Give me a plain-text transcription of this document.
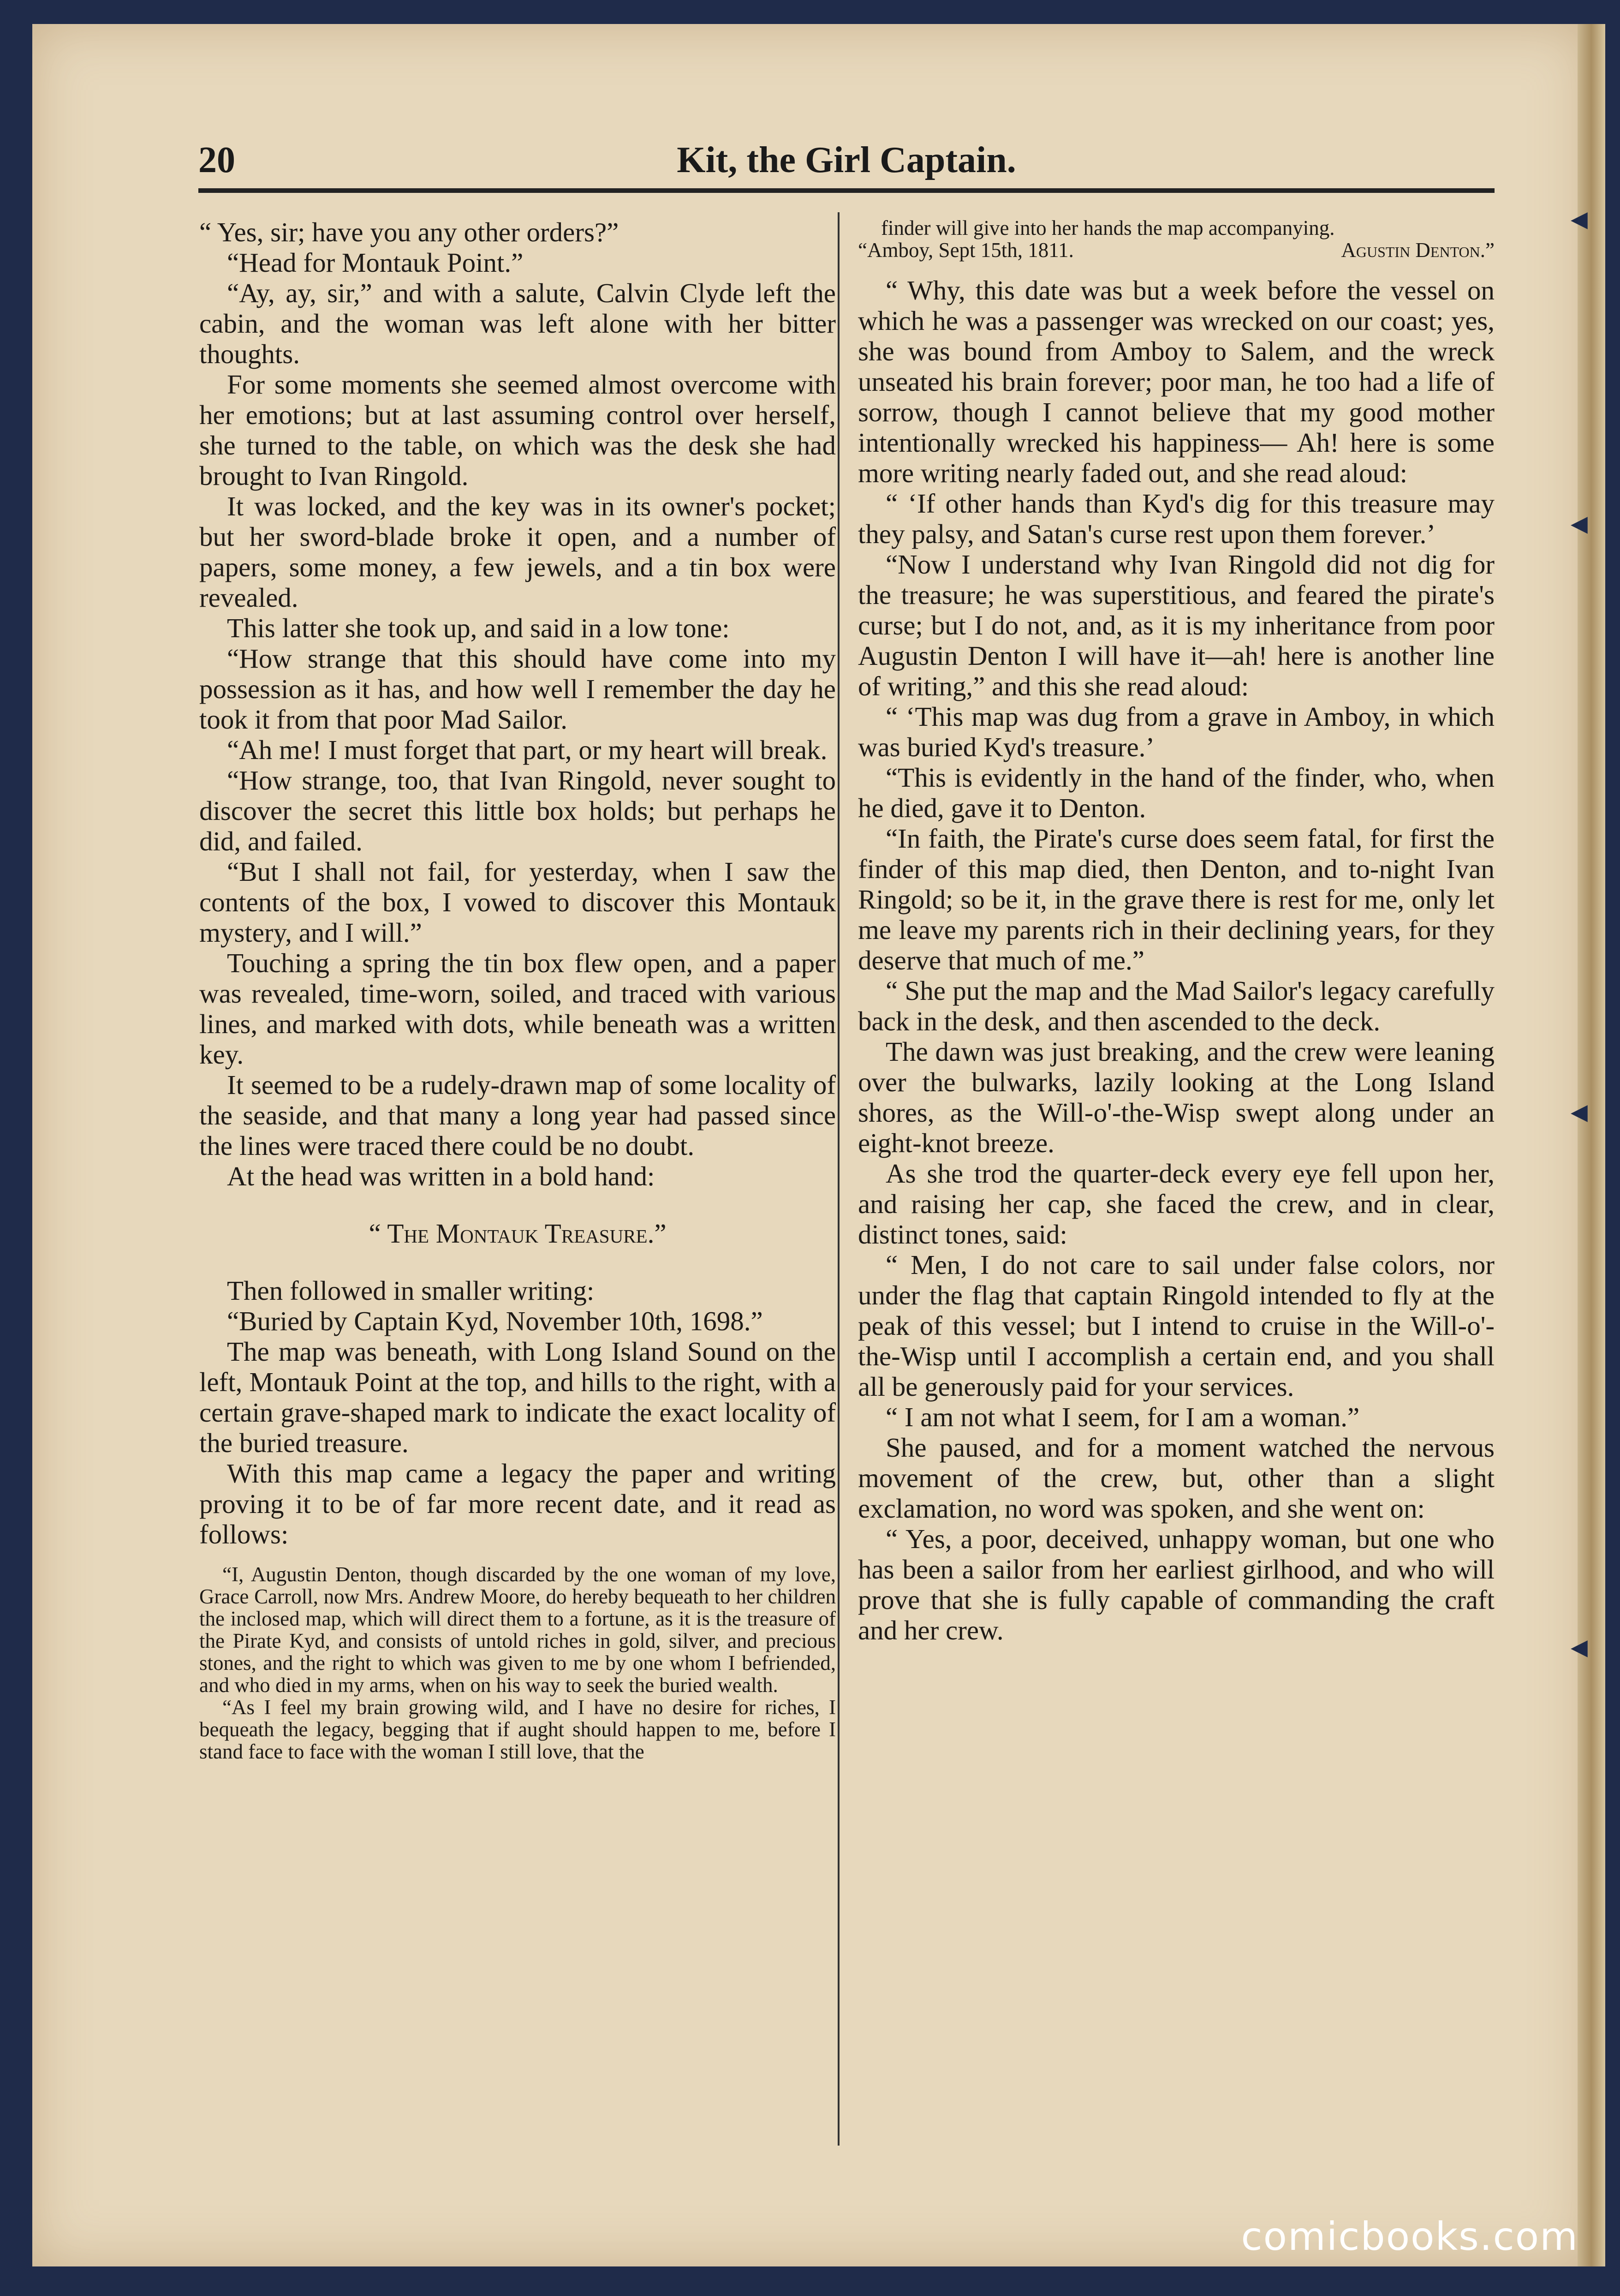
◀
◀
◀
◀
20	Kit, the Girl Captain.

“ Yes, sir; have you any other orders?”

“Head for Montauk Point.”

“Ay, ay, sir,” and with a salute, Calvin Clyde left the cabin, and the woman was left alone with her bitter thoughts.

For some moments she seemed almost overcome with her emotions; but at last assuming control over herself, she turned to the table, on which was the desk she had brought to Ivan Ringold.

It was locked, and the key was in its owner's pocket; but her sword-blade broke it open, and a number of papers, some money, a few jewels, and a tin box were revealed.

This latter she took up, and said in a low tone:

“How strange that this should have come into my possession as it has, and how well I remember the day he took it from that poor Mad Sailor.

“Ah me! I must forget that part, or my heart will break.

“How strange, too, that Ivan Ringold, never sought to discover the secret this little box holds; but perhaps he did, and failed.

“But I shall not fail, for yesterday, when I saw the contents of the box, I vowed to discover this Montauk mystery, and I will.”

Touching a spring the tin box flew open, and a paper was revealed, time-worn, soiled, and traced with various lines, and marked with dots, while beneath was a written key.

It seemed to be a rudely-drawn map of some locality of the seaside, and that many a long year had passed since the lines were traced there could be no doubt.

At the head was written in a bold hand:

“ The Montauk Treasure.”

Then followed in smaller writing:

“Buried by Captain Kyd, November 10th, 1698.”

The map was beneath, with Long Island Sound on the left, Montauk Point at the top, and hills to the right, with a certain grave-shaped mark to indicate the exact locality of the buried treasure.

With this map came a legacy the paper and writing proving it to be of far more recent date, and it read as follows:

“I, Augustin Denton, though discarded by the one woman of my love, Grace Carroll, now Mrs. Andrew Moore, do hereby bequeath to her children the inclosed map, which will direct them to a fortune, as it is the treasure of the Pirate Kyd, and consists of untold riches in gold, silver, and precious stones, and the right to which was given to me by one whom I befriended, and who died in my arms, when on his way to seek the buried wealth.

“As I feel my brain growing wild, and I have no desire for riches, I bequeath the legacy, begging that if aught should happen to me, before I stand face to face with the woman I still love, that the

finder will give into her hands the map accompanying.

“Amboy, Sept 15th, 1811.	Agustin Denton.”

“ Why, this date was but a week before the vessel on which he was a passenger was wrecked on our coast; yes, she was bound from Amboy to Salem, and the wreck unseated his brain forever; poor man, he too had a life of sorrow, though I cannot believe that my good mother intentionally wrecked his happiness— Ah! here is some more writing nearly faded out, and she read aloud:

“ ‘If other hands than Kyd's dig for this treasure may they palsy, and Satan's curse rest upon them forever.’

“Now I understand why Ivan Ringold did not dig for the treasure; he was superstitious, and feared the pirate's curse; but I do not, and, as it is my inheritance from poor Augustin Denton I will have it—ah! here is another line of writing,” and this she read aloud:

“ ‘This map was dug from a grave in Amboy, in which was buried Kyd's treasure.’

“This is evidently in the hand of the finder, who, when he died, gave it to Denton.

“In faith, the Pirate's curse does seem fatal, for first the finder of this map died, then Denton, and to-night Ivan Ringold; so be it, in the grave there is rest for me, only let me leave my parents rich in their declining years, for they deserve that much of me.”

“ She put the map and the Mad Sailor's legacy carefully back in the desk, and then ascended to the deck.

The dawn was just breaking, and the crew were leaning over the bulwarks, lazily looking at the Long Island shores, as the Will-o'-the-Wisp swept along under an eight-knot breeze.

As she trod the quarter-deck every eye fell upon her, and raising her cap, she faced the crew, and in clear, distinct tones, said:

“ Men, I do not care to sail under false colors, nor under the flag that captain Ringold intended to fly at the peak of this vessel; but I intend to cruise in the Will-o'-the-Wisp until I accomplish a certain end, and you shall all be generously paid for your services.

“ I am not what I seem, for I am a woman.”

She paused, and for a moment watched the nervous movement of the crew, but, other than a slight exclamation, no word was spoken, and she went on:

“ Yes, a poor, deceived, unhappy woman, but one who has been a sailor from her earliest girlhood, and who will prove that she is fully capable of commanding the craft and her crew.

comicbooks.com
